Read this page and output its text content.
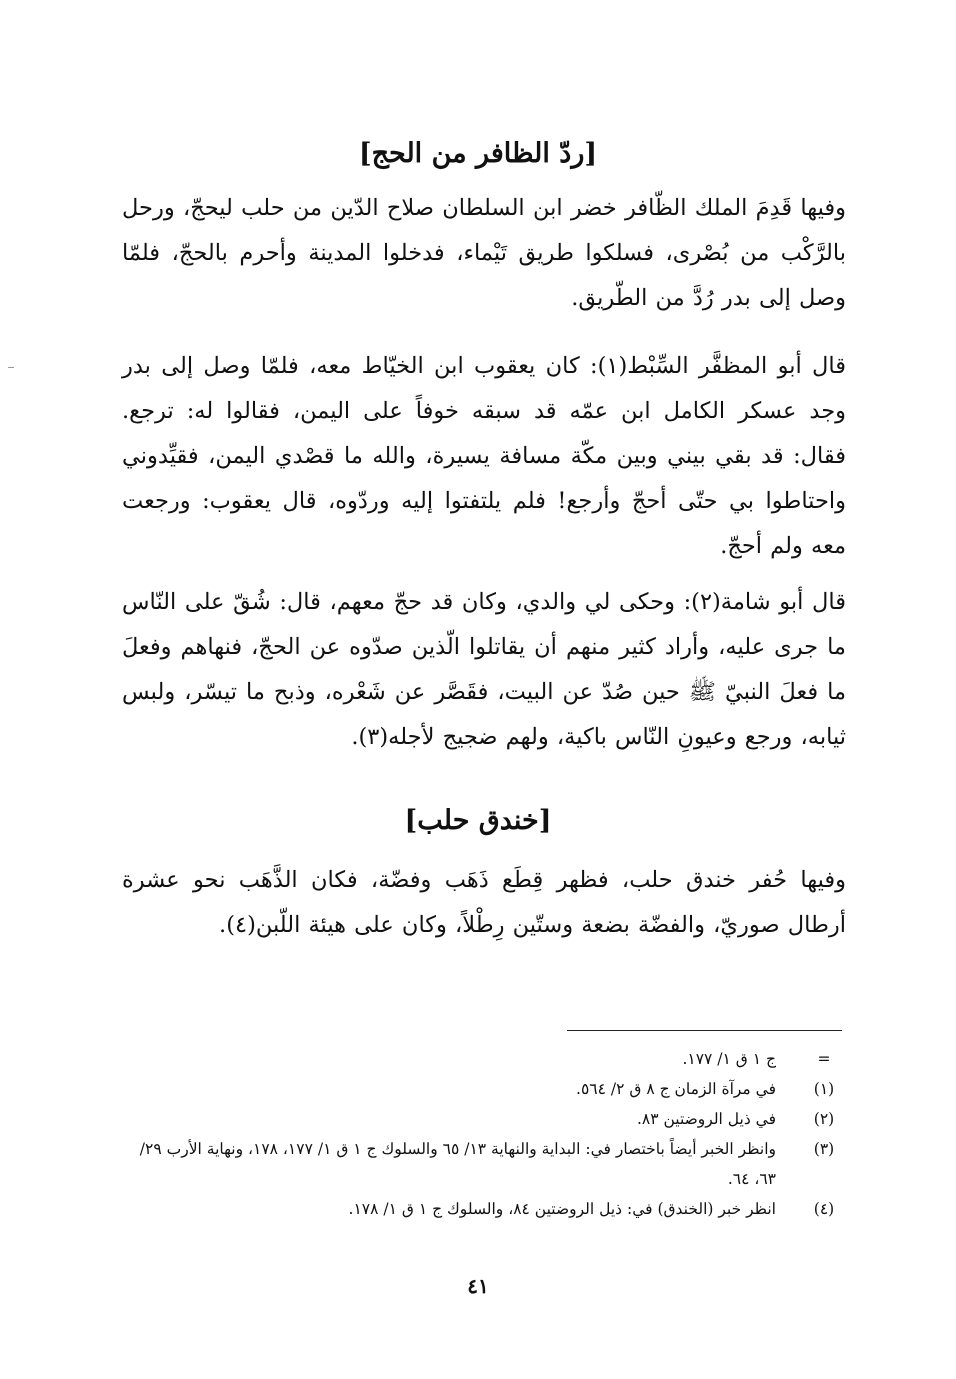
[ردّ الظافر من الحج]
وفيها قَدِمَ الملك الظّافر خضر ابن السلطان صلاح الدّين من حلب ليحجّ، ورحل بالرَّكْب من بُصْرى، فسلكوا طريق تَيْماء، فدخلوا المدينة وأحرم بالحجّ، فلمّا وصل إلى بدر رُدَّ من الطّريق.
قال أبو المظفَّر السِّبْط(١): كان يعقوب ابن الخيّاط معه، فلمّا وصل إلى بدر وجد عسكر الكامل ابن عمّه قد سبقه خوفاً على اليمن، فقالوا له: ترجع. فقال: قد بقي بيني وبين مكّة مسافة يسيرة، والله ما قصْدي اليمن، فقيِّدوني واحتاطوا بي حتّى أحجّ وأرجع! فلم يلتفتوا إليه وردّوه، قال يعقوب: ورجعت معه ولم أحجّ.
قال أبو شامة(٢): وحكى لي والدي، وكان قد حجّ معهم، قال: شُقّ على النّاس ما جرى عليه، وأراد كثير منهم أن يقاتلوا الّذين صدّوه عن الحجّ، فنهاهم وفعلَ ما فعلَ النبيّ ﷺ حين صُدّ عن البيت، فقَصَّر عن شَعْره، وذبح ما تيسّر، ولبس ثيابه، ورجع وعيونِ النّاس باكية، ولهم ضجيج لأجله(٣).
[خندق حلب]
وفيها حُفر خندق حلب، فظهر قِطَع ذَهَب وفضّة، فكان الذَّهَب نحو عشرة أرطال صوريّ، والفضّة بضعة وستّين رِطْلاً، وكان على هيئة اللّبن(٤).
=
ج ١ ق ١/ ١٧٧.
(١)
في مرآة الزمان ج ٨ ق ٢/ ٥٦٤.
(٢)
في ذيل الروضتين ٨٣.
(٣)
وانظر الخبر أيضاً باختصار في: البداية والنهاية ١٣/ ٦٥ والسلوك ج ١ ق ١/ ١٧٧، ١٧٨، ونهاية الأرب ٢٩/ ٦٣، ٦٤.
(٤)
انظر خبر (الخندق) في: ذيل الروضتين ٨٤، والسلوك ج ١ ق ١/ ١٧٨.
٤١
